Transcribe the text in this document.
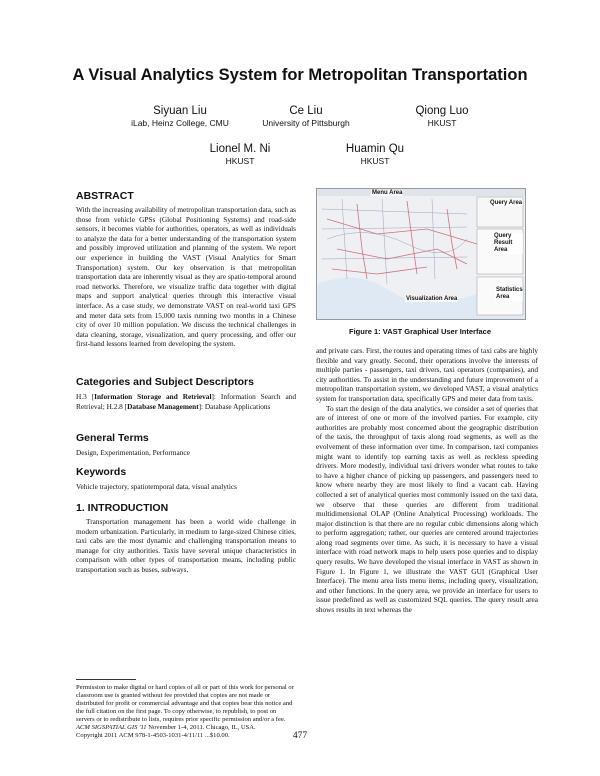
A Visual Analytics System for Metropolitan Transportation
Siyuan Liu
iLab, Heinz College, CMU
Ce Liu
University of Pittsburgh
Qiong Luo
HKUST
Lionel M. Ni
HKUST
Huamin Qu
HKUST
ABSTRACT

With the increasing availability of metropolitan transportation data, such as those from vehicle GPSs (Global Positioning Systems) and road-side sensors, it becomes viable for authorities, operators, as well as individuals to analyze the data for a better understanding of the transportation system and possibly improved utilization and planning of the system. We report our experience in building the VAST (Visual Analytics for Smart Transportation) system. Our key observation is that metropolitan transportation data are inherently visual as they are spatio-temporal around road networks. Therefore, we visualize traffic data together with digital maps and support analytical queries through this interactive visual interface. As a case study, we demonstrate VAST on real-world taxi GPS and meter data sets from 15,000 taxis running two months in a Chinese city of over 10 million population. We discuss the technical challenges in data cleaning, storage, visualization, and query processing, and offer our first-hand lessons learned from developing the system.

Categories and Subject Descriptors

H.3 [Information Storage and Retrieval]: Information Search and Retrieval; H.2.8 [Database Management]: Database Applications

General Terms

Design, Experimentation, Performance

Keywords

Vehicle trajectory, spatiotemporal data, visual analytics

1. INTRODUCTION

Transportation management has been a world wide challenge in modern urbanization. Particularly, in medium to large-sized Chinese cities, taxi cabs are the most dynamic and challenging transportation means to manage for city authorities. Taxis have several unique characteristics in comparison with other types of transportation means, including public transportation such as buses, subways,

Permission to make digital or hard copies of all or part of this work for personal or classroom use is granted without fee provided that copies are not made or distributed for profit or commercial advantage and that copies bear this notice and the full citation on the first page. To copy otherwise, to republish, to post on servers or to redistribute to lists, requires prior specific permission and/or a fee.
ACM SIGSPATIAL GIS '11 November 1-4, 2011. Chicago, IL, USA.
Copyright 2011 ACM 978-1-4503-1031-4/11/11 ...$10.00.
Menu Area
Query Area
Query Result Area
Statistics Area
Visualization Area
Figure 1: VAST Graphical User Interface

and private cars. First, the routes and operating times of taxi cabs are highly flexible and vary greatly. Second, their operations involve the interests of multiple parties - passengers, taxi drivers, taxi operators (companies), and city authorities. To assist in the understanding and future improvement of a metropolitan transportation system, we developed VAST, a visual analytics system for transportation data, specifically GPS and meter data from taxis.

To start the design of the data analytics, we consider a set of queries that are of interest of one or more of the involved parties. For example, city authorities are probably most concerned about the geographic distribution of the taxis, the throughput of taxis along road segments, as well as the evolvement of these information over time. In comparison, taxi companies might want to identify top earning taxis as well as reckless speeding drivers. More modestly, individual taxi drivers wonder what routes to take to have a higher chance of picking up passengers, and passengers need to know where nearby they are most likely to find a vacant cab. Having collected a set of analytical queries most commonly issued on the taxi data, we observe that these queries are different from traditional multidimensional OLAP (Online Analytical Processing) workloads. The major distinction is that there are no regular cubic dimensions along which to perform aggregation; rather, our queries are centered around trajectories along road segments over time. As such, it is necessary to have a visual interface with road network maps to help users pose queries and to display query results. We have developed the visual interface in VAST as shown in Figure 1. In Figure 1, we illustrate the VAST GUI (Graphical User Interface). The menu area lists menu items, including query, visualization, and other functions. In the query area, we provide an interface for users to issue predefined as well as customized SQL queries. The query result area shows results in text whereas the

477
